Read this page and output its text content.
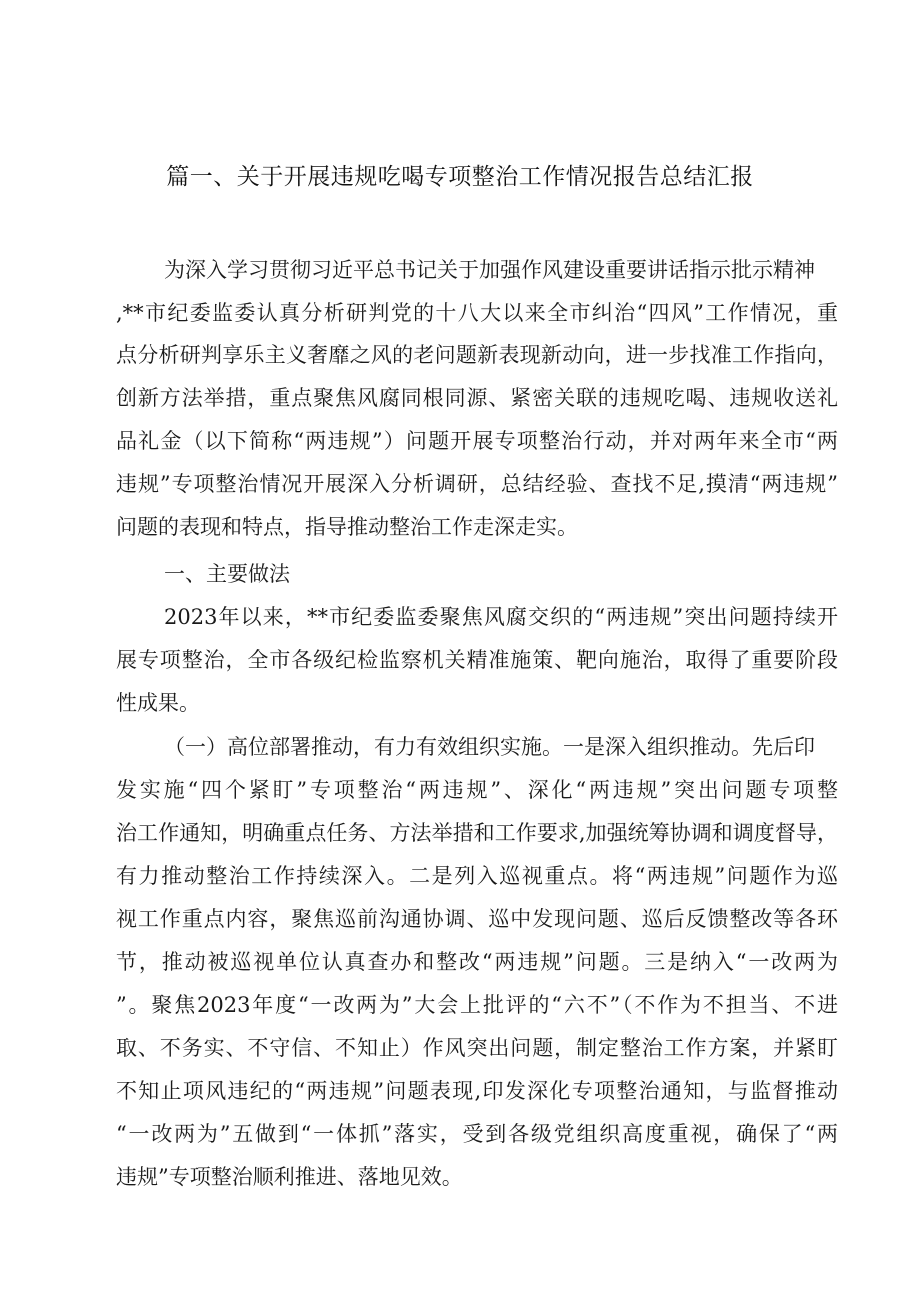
篇一、关于开展违规吃喝专项整治工作情况报告总结汇报
为深入学习贯彻习近平总书记关于加强作风建设重要讲话指示批示精神
,**市纪委监委认真分析研判党的十八大以来全市纠治“四风”工作情况，重
点分析研判享乐主义奢靡之风的老问题新表现新动向，进一步找准工作指向，
创新方法举措，重点聚焦风腐同根同源、紧密关联的违规吃喝、违规收送礼
品礼金（以下简称“两违规”）问题开展专项整治行动，并对两年来全市“两
违规”专项整治情况开展深入分析调研，总结经验、查找不足,摸清“两违规”
问题的表现和特点，指导推动整治工作走深走实。
一、主要做法
2023年以来，**市纪委监委聚焦风腐交织的“两违规”突出问题持续开
展专项整治，全市各级纪检监察机关精准施策、靶向施治，取得了重要阶段
性成果。
（一）高位部署推动，有力有效组织实施。一是深入组织推动。先后印
发实施“四个紧盯”专项整治“两违规”、深化“两违规”突出问题专项整
治工作通知，明确重点任务、方法举措和工作要求,加强统筹协调和调度督导，
有力推动整治工作持续深入。二是列入巡视重点。将“两违规”问题作为巡
视工作重点内容，聚焦巡前沟通协调、巡中发现问题、巡后反馈整改等各环
节，推动被巡视单位认真查办和整改“两违规”问题。三是纳入“一改两为
”。聚焦2023年度“一改两为”大会上批评的“六不”（不作为不担当、不进
取、不务实、不守信、不知止）作风突出问题，制定整治工作方案，并紧盯
不知止项风违纪的“两违规”问题表现,印发深化专项整治通知，与监督推动
“一改两为”五做到“一体抓”落实，受到各级党组织高度重视，确保了“两
违规”专项整治顺利推进、落地见效。
